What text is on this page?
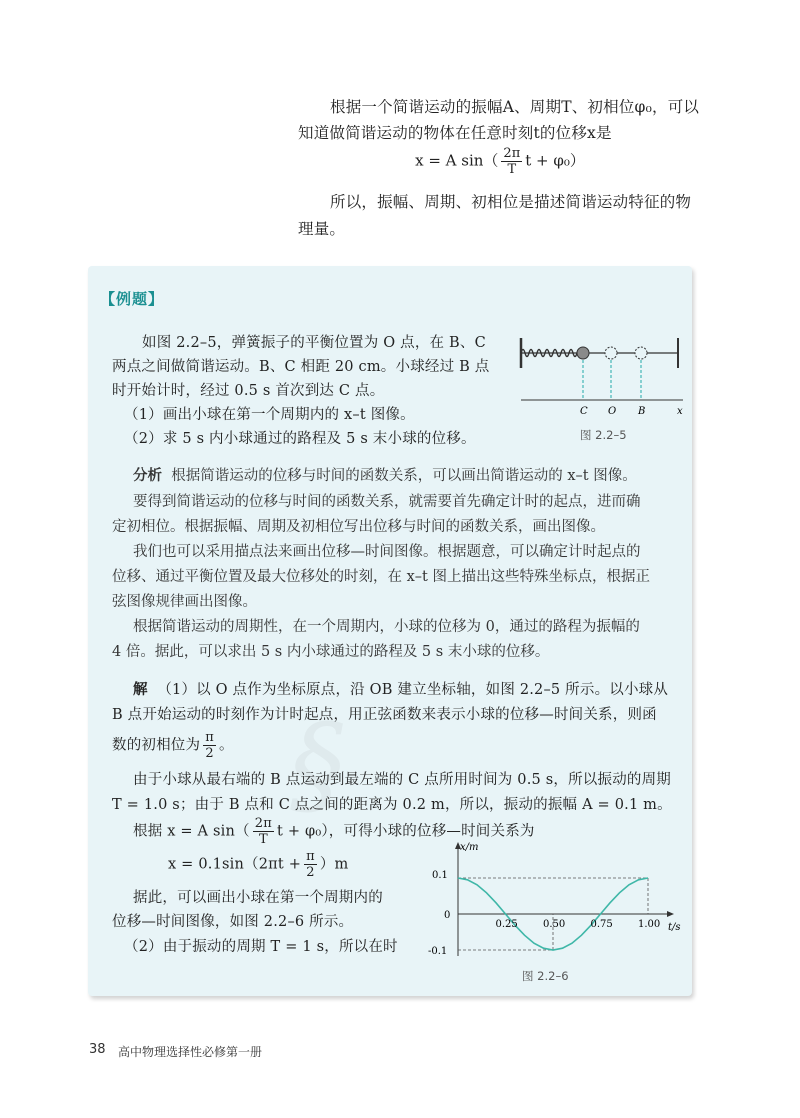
根据一个简谐运动的振幅A、周期T、初相位φ₀，可以
知道做简谐运动的物体在任意时刻t的位移x是
x = A $\sin( \frac{2\pi}{T}$ t + φ₀）
所以，振幅、周期、初相位是描述简谐运动特征的物
理量。
【例题】
如图 2.2–5，弹簧振子的平衡位置为 O 点，在 B、C
两点之间做简谐运动。B、C 相距 20 cm。小球经过 B 点
时开始计时，经过 0.5 s 首次到达 C 点。
（1）画出小球在第一个周期内的 x–t 图像。
（2）求 5 s 内小球通过的路程及 5 s 末小球的位移。
C O B	x
图 2.2–5
分析 根据简谐运动的位移与时间的函数关系，可以画出简谐运动的 x–t 图像。
要得到简谐运动的位移与时间的函数关系，就需要首先确定计时的起点，进而确
定初相位。根据振幅、周期及初相位写出位移与时间的函数关系，画出图像。
我们也可以采用描点法来画出位移—时间图像。根据题意，可以确定计时起点的
位移、通过平衡位置及最大位移处的时刻，在 x–t 图上描出这些特殊坐标点，根据正
弦图像规律画出图像。
根据简谐运动的周期性，在一个周期内，小球的位移为 0，通过的路程为振幅的
4 倍。据此，可以求出 5 s 内小球通过的路程及 5 s 末小球的位移。
解 （1）以 O 点作为坐标原点，沿 OB 建立坐标轴，如图 2.2–5 所示。以小球从
B 点开始运动的时刻作为计时起点，用正弦函数来表示小球的位移—时间关系，则函
数的初相位为 $\frac{\pi}{2}$ 。
由于小球从最右端的 B 点运动到最左端的 C 点所用时间为 0.5 s，所以振动的周期
T = 1.0 s；由于 B 点和 C 点之间的距离为 0.2 m，所以，振动的振幅 A = 0.1 m。
根据 x = A $\sin( \frac{2\pi}{T}$ t + φ₀），可得小球的位移—时间关系为
$x = 0.1\sin(2\pi t + \frac{\pi}{2} )m$
据此，可以画出小球在第一个周期内的
位移—时间图像，如图 2.2–6 所示。
（2）由于振动的周期 T = 1 s，所以在时
x/m
t/s
0.1
0
-0.1
0.25	0.50	0.75	1.00
图 2.2–6
§
38 高中物理选择性必修第一册
